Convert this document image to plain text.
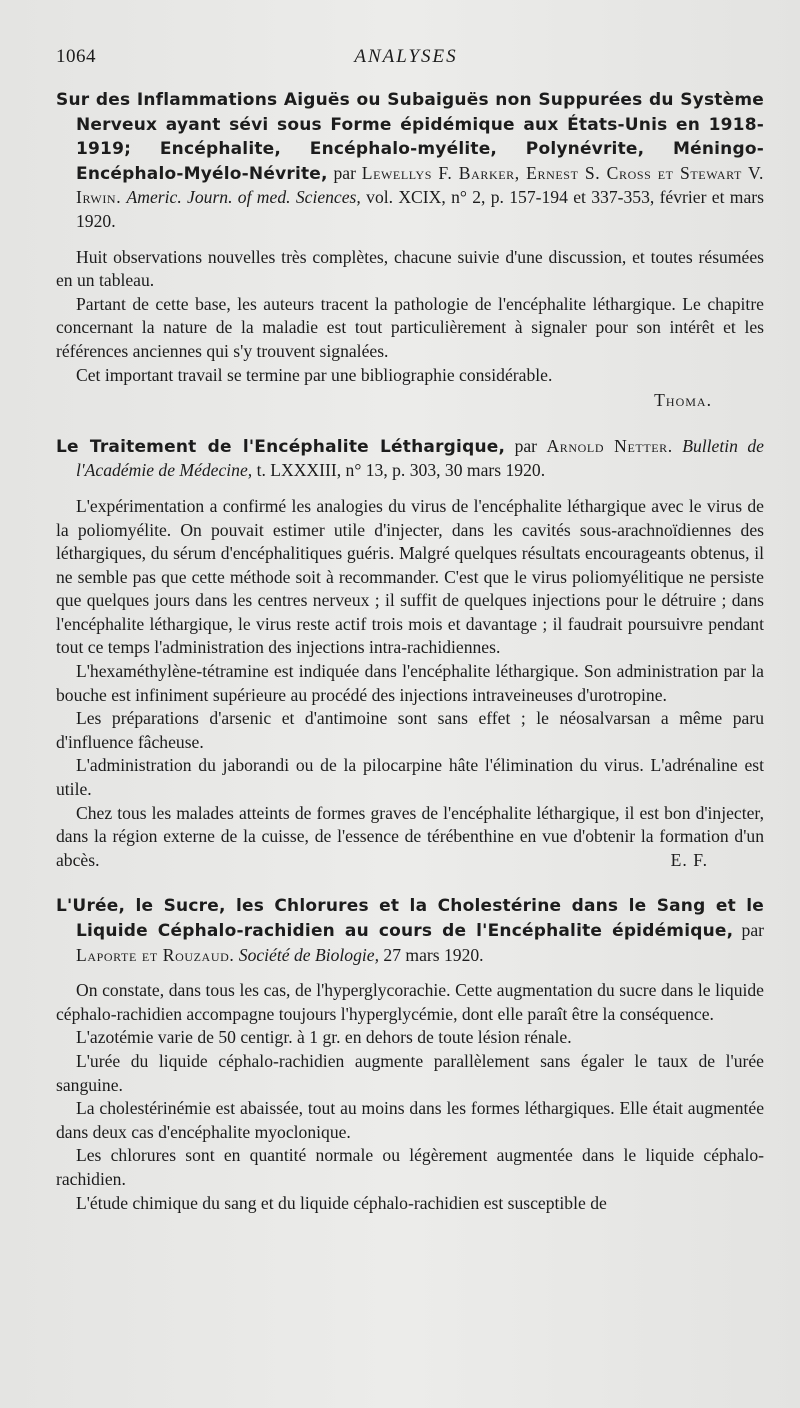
1064	ANALYSES

Sur des Inflammations Aiguës ou Subaiguës non Suppurées du Système Nerveux ayant sévi sous Forme épidémique aux États-Unis en 1918-1919; Encéphalite, Encéphalo-myélite, Polynévrite, Méningo-Encéphalo-Myélo-Névrite, par Lewellys F. Barker, Ernest S. Cross et Stewart V. Irwin. Americ. Journ. of med. Sciences, vol. XCIX, n° 2, p. 157-194 et 337-353, février et mars 1920.

Huit observations nouvelles très complètes, chacune suivie d'une discussion, et toutes résumées en un tableau.

Partant de cette base, les auteurs tracent la pathologie de l'encéphalite léthargique. Le chapitre concernant la nature de la maladie est tout particulièrement à signaler pour son intérêt et les références anciennes qui s'y trouvent signalées.

Cet important travail se termine par une bibliographie considérable.

Thoma.

Le Traitement de l'Encéphalite Léthargique, par Arnold Netter. Bulletin de l'Académie de Médecine, t. LXXXIII, n° 13, p. 303, 30 mars 1920.

L'expérimentation a confirmé les analogies du virus de l'encéphalite léthargique avec le virus de la poliomyélite. On pouvait estimer utile d'injecter, dans les cavités sous-arachnoïdiennes des léthargiques, du sérum d'encéphalitiques guéris. Malgré quelques résultats encourageants obtenus, il ne semble pas que cette méthode soit à recommander. C'est que le virus poliomyélitique ne persiste que quelques jours dans les centres nerveux ; il suffit de quelques injections pour le détruire ; dans l'encéphalite léthargique, le virus reste actif trois mois et davantage ; il faudrait poursuivre pendant tout ce temps l'administration des injections intra-rachidiennes.

L'hexaméthylène-tétramine est indiquée dans l'encéphalite léthargique. Son administration par la bouche est infiniment supérieure au procédé des injections intraveineuses d'urotropine.

Les préparations d'arsenic et d'antimoine sont sans effet ; le néosalvarsan a même paru d'influence fâcheuse.

L'administration du jaborandi ou de la pilocarpine hâte l'élimination du virus. L'adrénaline est utile.

Chez tous les malades atteints de formes graves de l'encéphalite léthargique, il est bon d'injecter, dans la région externe de la cuisse, de l'essence de térébenthine en vue d'obtenir la formation d'un abcès.	E. F.

L'Urée, le Sucre, les Chlorures et la Cholestérine dans le Sang et le Liquide Céphalo-rachidien au cours de l'Encéphalite épidémique, par Laporte et Rouzaud. Société de Biologie, 27 mars 1920.

On constate, dans tous les cas, de l'hyperglycorachie. Cette augmentation du sucre dans le liquide céphalo-rachidien accompagne toujours l'hyperglycémie, dont elle paraît être la conséquence.

L'azotémie varie de 50 centigr. à 1 gr. en dehors de toute lésion rénale.

L'urée du liquide céphalo-rachidien augmente parallèlement sans égaler le taux de l'urée sanguine.

La cholestérinémie est abaissée, tout au moins dans les formes léthargiques. Elle était augmentée dans deux cas d'encéphalite myoclonique.

Les chlorures sont en quantité normale ou légèrement augmentée dans le liquide céphalo-rachidien.

L'étude chimique du sang et du liquide céphalo-rachidien est susceptible de
